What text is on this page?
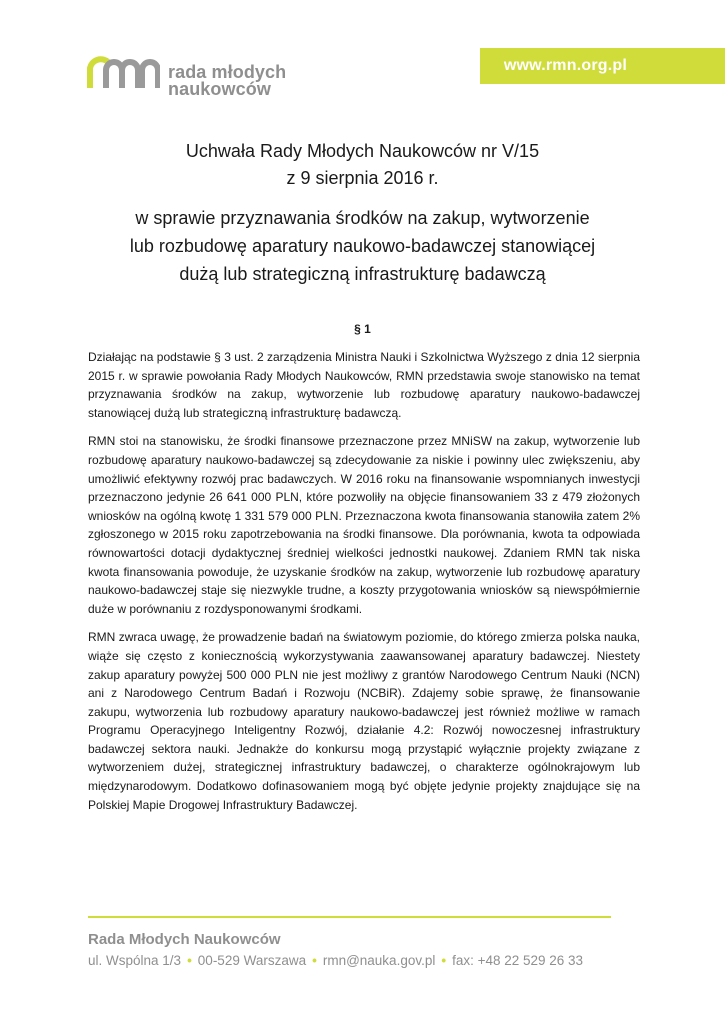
www.rmn.org.pl
rada młodych
naukowców
Uchwała Rady Młodych Naukowców nr V/15
z 9 sierpnia 2016 r.
w sprawie przyznawania środków na zakup, wytworzenie
lub rozbudowę aparatury naukowo-badawczej stanowiącej
dużą lub strategiczną infrastrukturę badawczą
§ 1

Działając na podstawie § 3 ust. 2 zarządzenia Ministra Nauki i Szkolnictwa Wyższego z dnia 12 sierpnia 2015 r. w sprawie powołania Rady Młodych Naukowców, RMN przedstawia swoje stanowisko na temat przyznawania środków na zakup, wytworzenie lub rozbudowę aparatury naukowo-badawczej stanowiącej dużą lub strategiczną infrastrukturę badawczą.

RMN stoi na stanowisku, że środki finansowe przeznaczone przez MNiSW na zakup, wytworzenie lub rozbudowę aparatury naukowo-badawczej są zdecydowanie za niskie i powinny ulec zwiększeniu, aby umożliwić efektywny rozwój prac badawczych. W 2016 roku na finansowanie wspomnianych inwestycji przeznaczono jedynie 26 641 000 PLN, które pozwoliły na objęcie finansowaniem 33 z 479 złożonych wniosków na ogólną kwotę 1 331 579 000 PLN. Przeznaczona kwota finansowania stanowiła zatem 2% zgłoszonego w 2015 roku zapotrzebowania na środki finansowe. Dla porównania, kwota ta odpowiada równowartości dotacji dydaktycznej średniej wielkości jednostki naukowej. Zdaniem RMN tak niska kwota finansowania powoduje, że uzyskanie środków na zakup, wytworzenie lub rozbudowę aparatury naukowo-badawczej staje się niezwykle trudne, a koszty przygotowania wniosków są niewspółmiernie duże w porównaniu z rozdysponowanymi środkami.

RMN zwraca uwagę, że prowadzenie badań na światowym poziomie, do którego zmierza polska nauka, wiąże się często z koniecznością wykorzystywania zaawansowanej aparatury badawczej. Niestety zakup aparatury powyżej 500 000 PLN nie jest możliwy z grantów Narodowego Centrum Nauki (NCN) ani z Narodowego Centrum Badań i Rozwoju (NCBiR). Zdajemy sobie sprawę, że finansowanie zakupu, wytworzenia lub rozbudowy aparatury naukowo-badawczej jest również możliwe w ramach Programu Operacyjnego Inteligentny Rozwój, działanie 4.2: Rozwój nowoczesnej infrastruktury badawczej sektora nauki. Jednakże do konkursu mogą przystąpić wyłącznie projekty związane z wytworzeniem dużej, strategicznej infrastruktury badawczej, o charakterze ogólnokrajowym lub międzynarodowym. Dodatkowo dofinasowaniem mogą być objęte jedynie projekty znajdujące się na Polskiej Mapie Drogowej Infrastruktury Badawczej.

Rada Młodych Naukowców
ul. Wspólna 1/3 • 00-529 Warszawa • rmn@nauka.gov.pl • fax: +48 22 529 26 33
